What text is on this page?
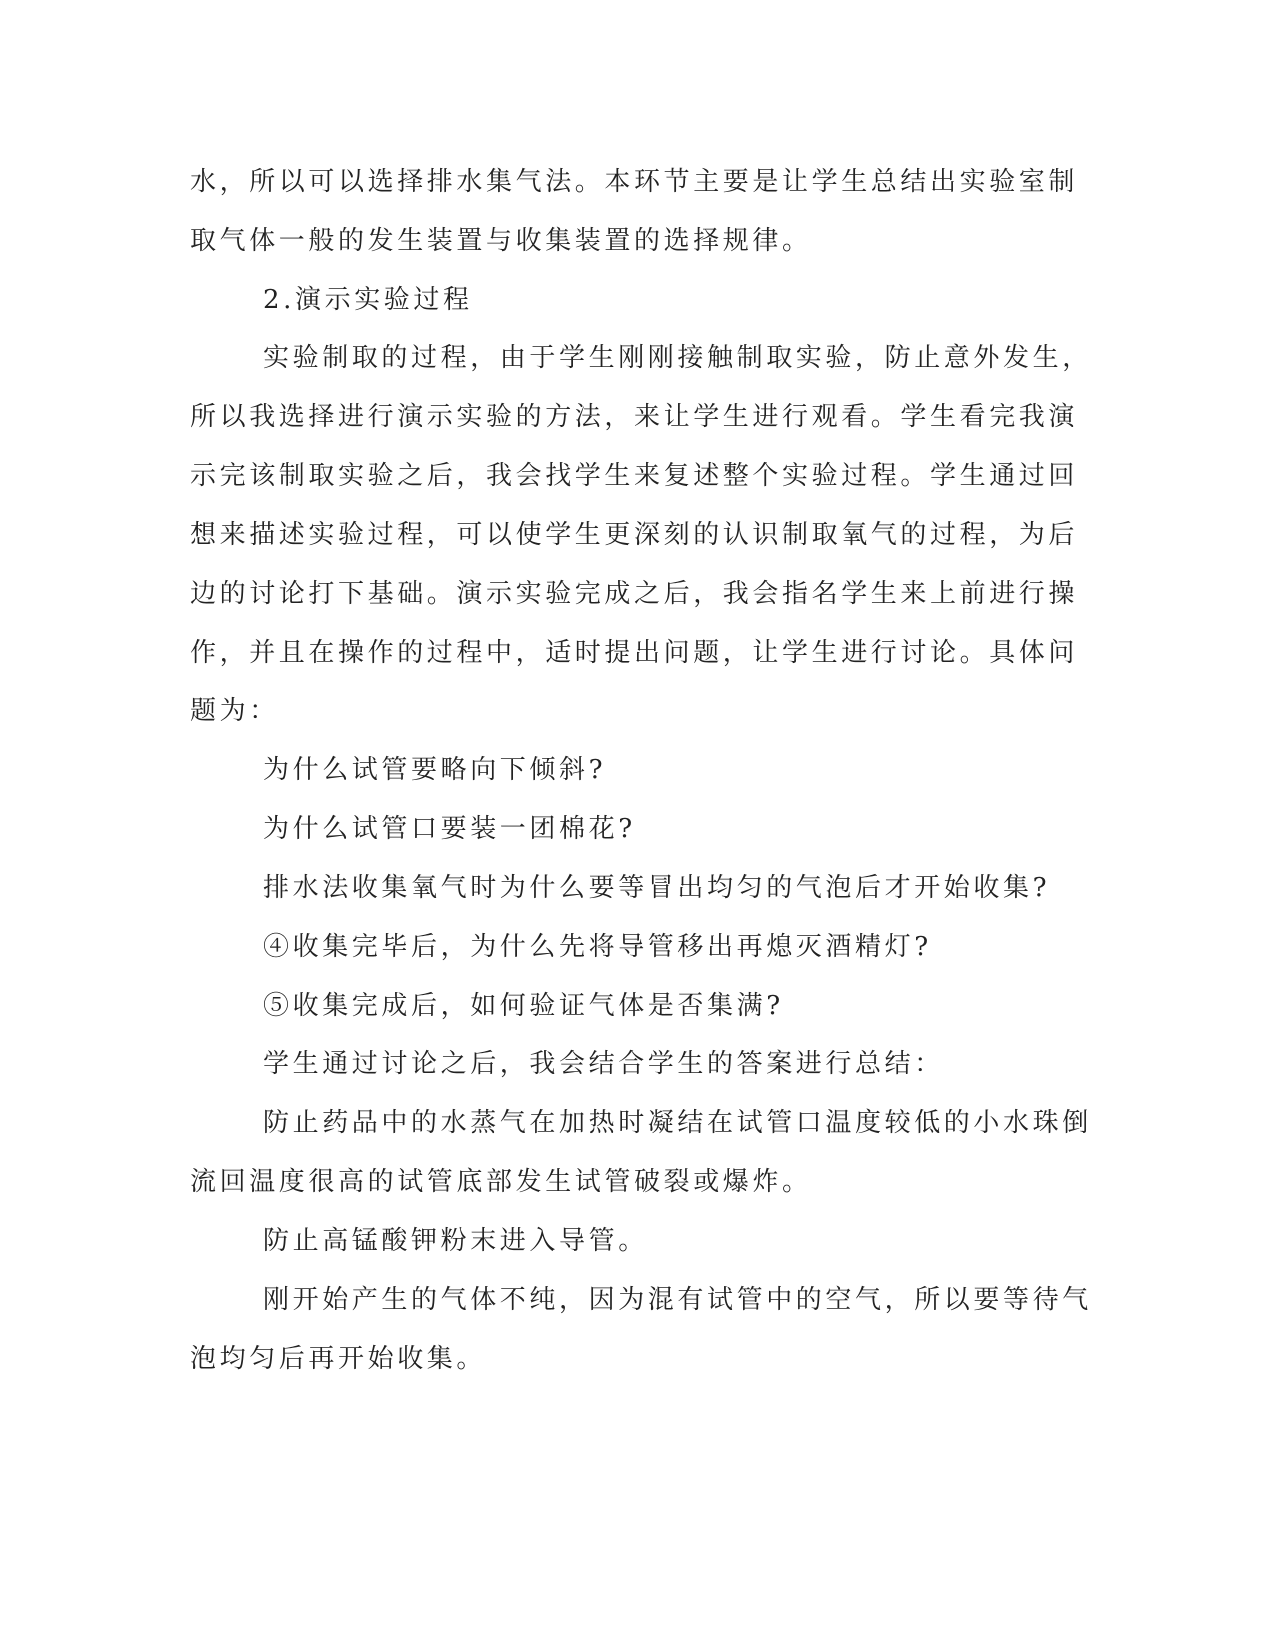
水，所以可以选择排水集气法。本环节主要是让学生总结出实验室制
取气体一般的发生装置与收集装置的选择规律。
2.演示实验过程
实验制取的过程，由于学生刚刚接触制取实验，防止意外发生，
所以我选择进行演示实验的方法，来让学生进行观看。学生看完我演
示完该制取实验之后，我会找学生来复述整个实验过程。学生通过回
想来描述实验过程，可以使学生更深刻的认识制取氧气的过程，为后
边的讨论打下基础。演示实验完成之后，我会指名学生来上前进行操
作，并且在操作的过程中，适时提出问题，让学生进行讨论。具体问
题为：
为什么试管要略向下倾斜?
为什么试管口要装一团棉花?
排水法收集氧气时为什么要等冒出均匀的气泡后才开始收集?
④收集完毕后，为什么先将导管移出再熄灭酒精灯?
⑤收集完成后，如何验证气体是否集满?
学生通过讨论之后，我会结合学生的答案进行总结：
防止药品中的水蒸气在加热时凝结在试管口温度较低的小水珠倒
流回温度很高的试管底部发生试管破裂或爆炸。
防止高锰酸钾粉末进入导管。
刚开始产生的气体不纯，因为混有试管中的空气，所以要等待气
泡均匀后再开始收集。
